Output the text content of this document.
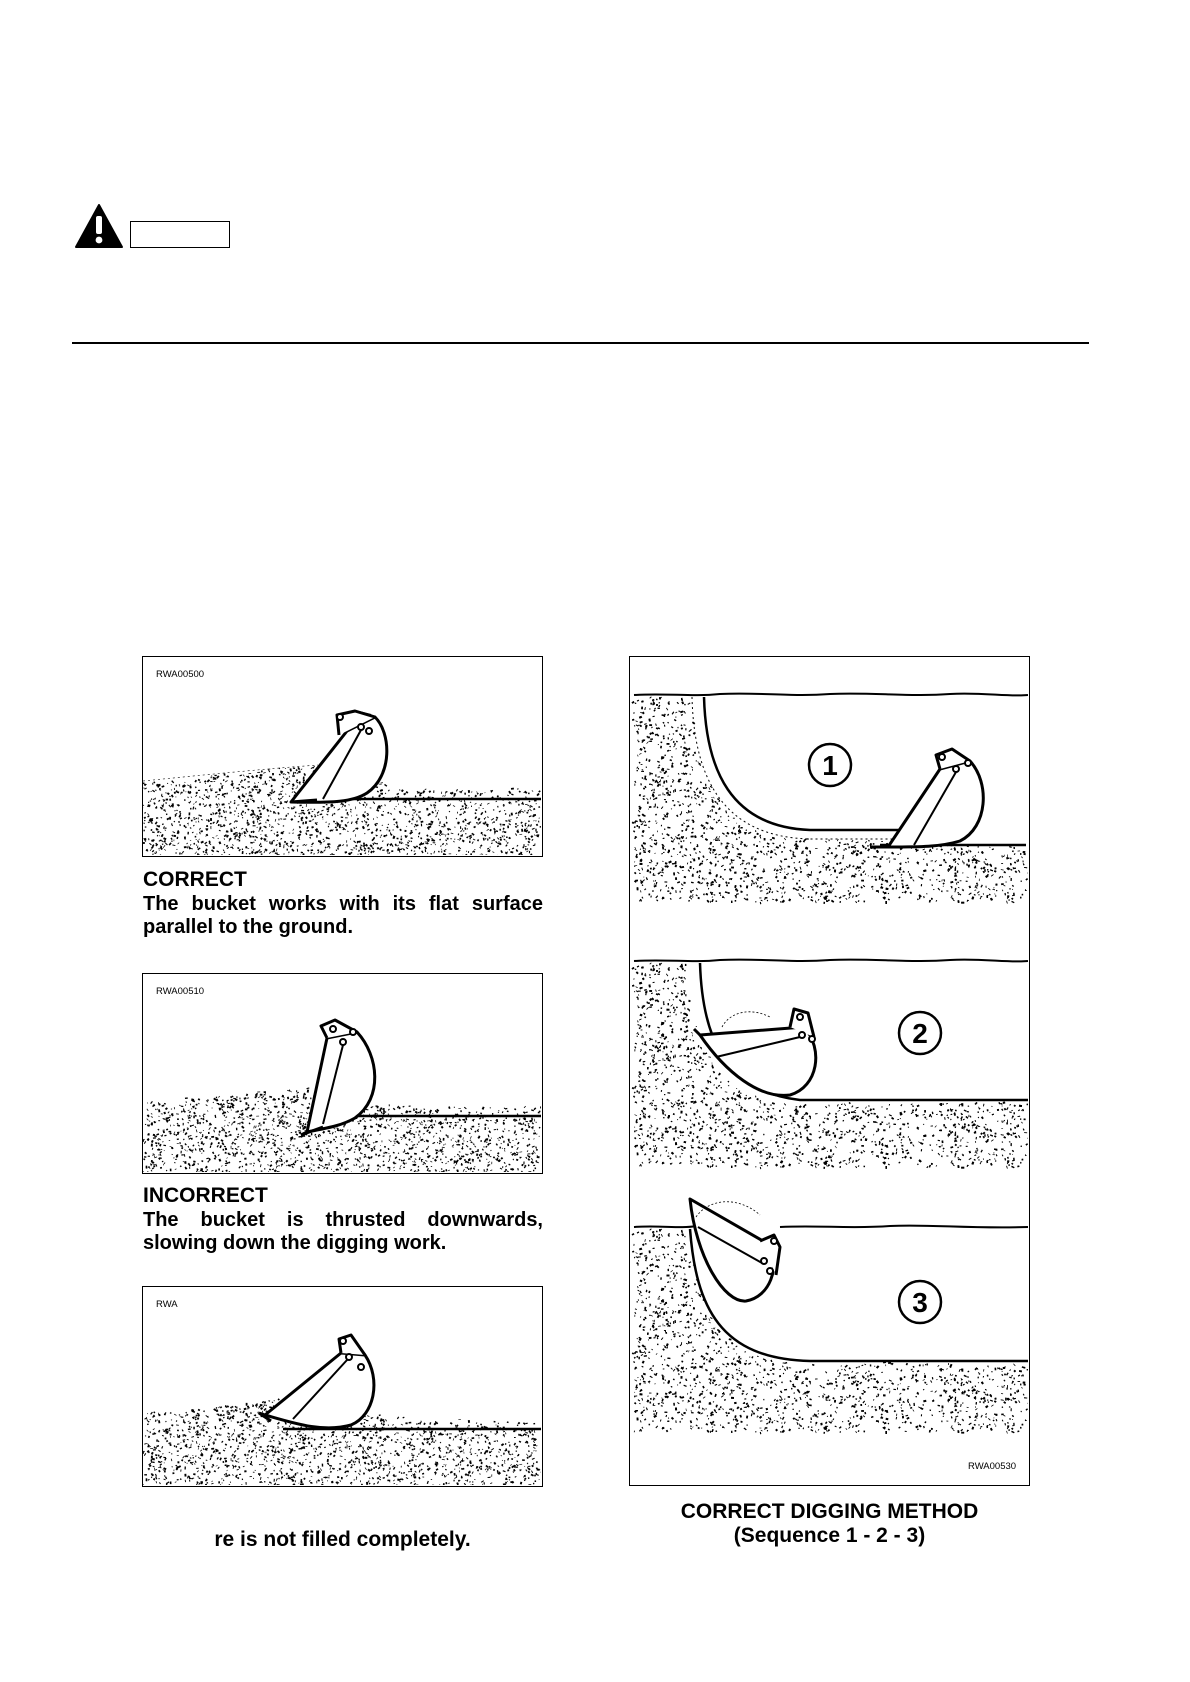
RWA00500
CORRECT
The bucket works with its flat surface parallel to the ground.
RWA00510
INCORRECT
The bucket is thrusted downwards, slowing down the digging work.
RWA
1
2
3
RWA00530
CORRECT DIGGING METHOD
(Sequence 1 - 2 - 3)
re is not filled completely.
